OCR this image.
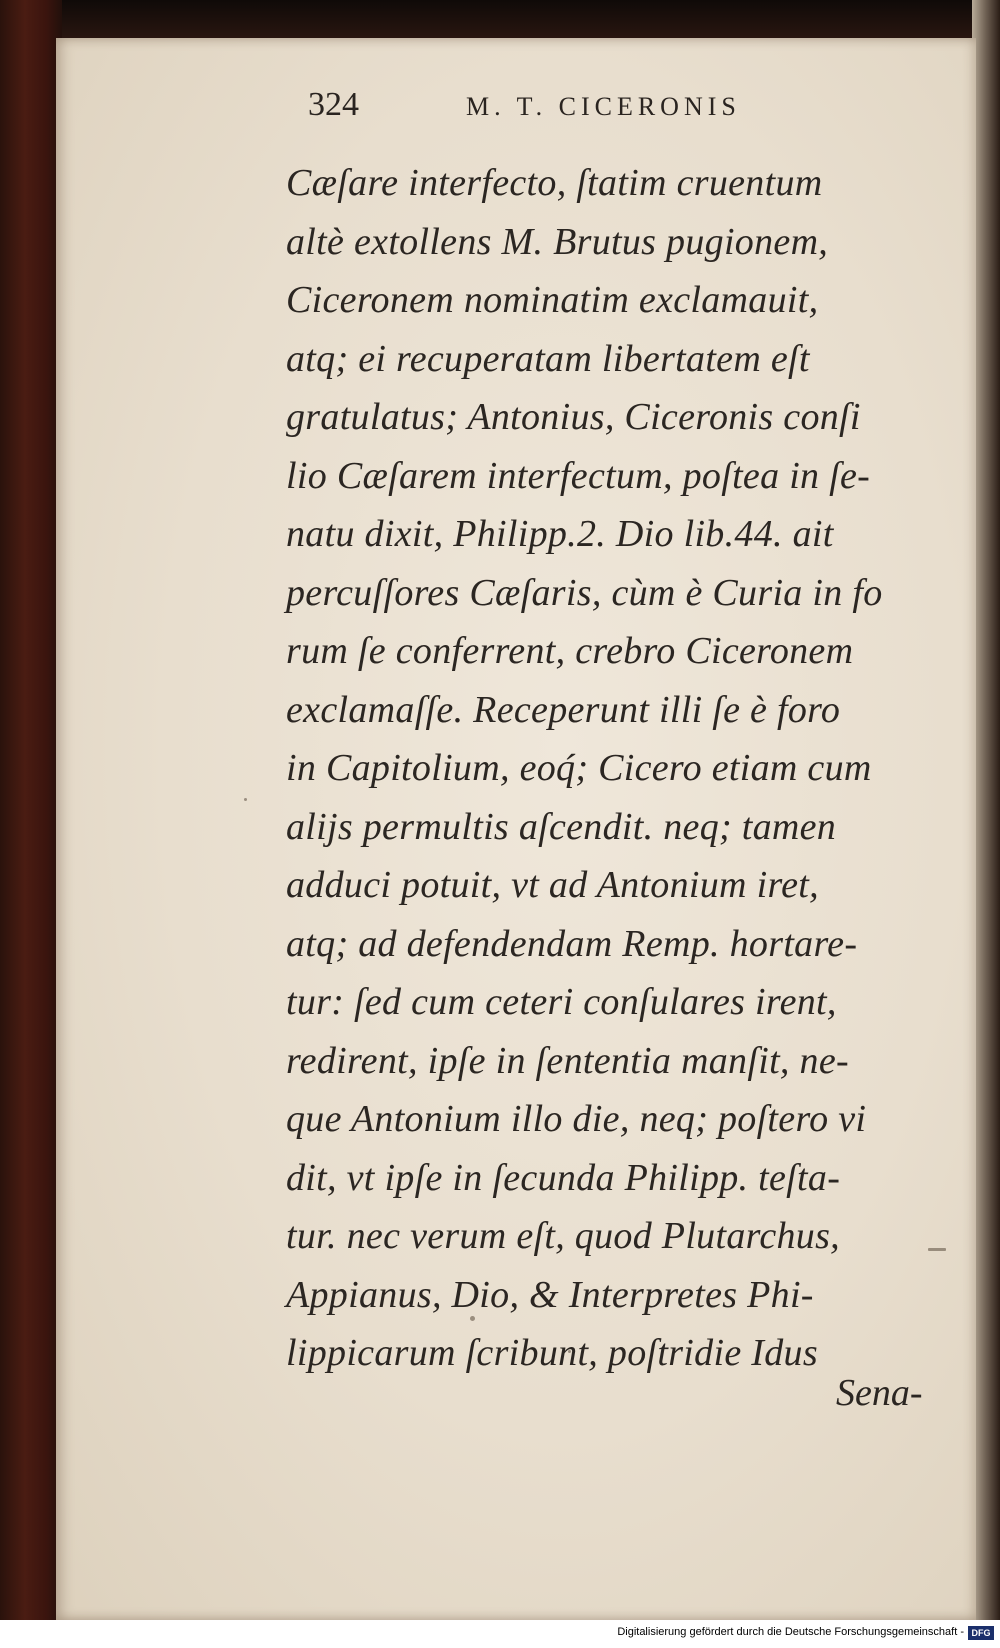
324	M. T. CICERONIS
Cæſare interfecto, ſtatim cruentum
altè extollens M. Brutus pugionem,
Ciceronem nominatim exclamauit,
atq; ei recuperatam libertatem eſt
gratulatus; Antonius, Ciceronis conſi
lio Cæſarem interfectum, poſtea in ſe-
natu dixit, Philipp.2. Dio lib.44. ait
percuſſores Cæſaris, cùm è Curia in fo
rum ſe conferrent, crebro Ciceronem
exclamaſſe. Receperunt illi ſe è foro
in Capitolium, eoq́; Cicero etiam cum
alijs permultis aſcendit. neq; tamen
adduci potuit, vt ad Antonium iret,
atq; ad defendendam Remp. hortare-
tur: ſed cum ceteri conſulares irent,
redirent, ipſe in ſententia manſit, ne-
que Antonium illo die, neq; poſtero vi
dit, vt ipſe in ſecunda Philipp. teſta-
tur. nec verum eſt, quod Plutarchus,
Appianus, Dio, & Interpretes Phi-
lippicarum ſcribunt, poſtridie Idus
Sena-
Digitalisierung gefördert durch die Deutsche Forschungsgemeinschaft - DFG
